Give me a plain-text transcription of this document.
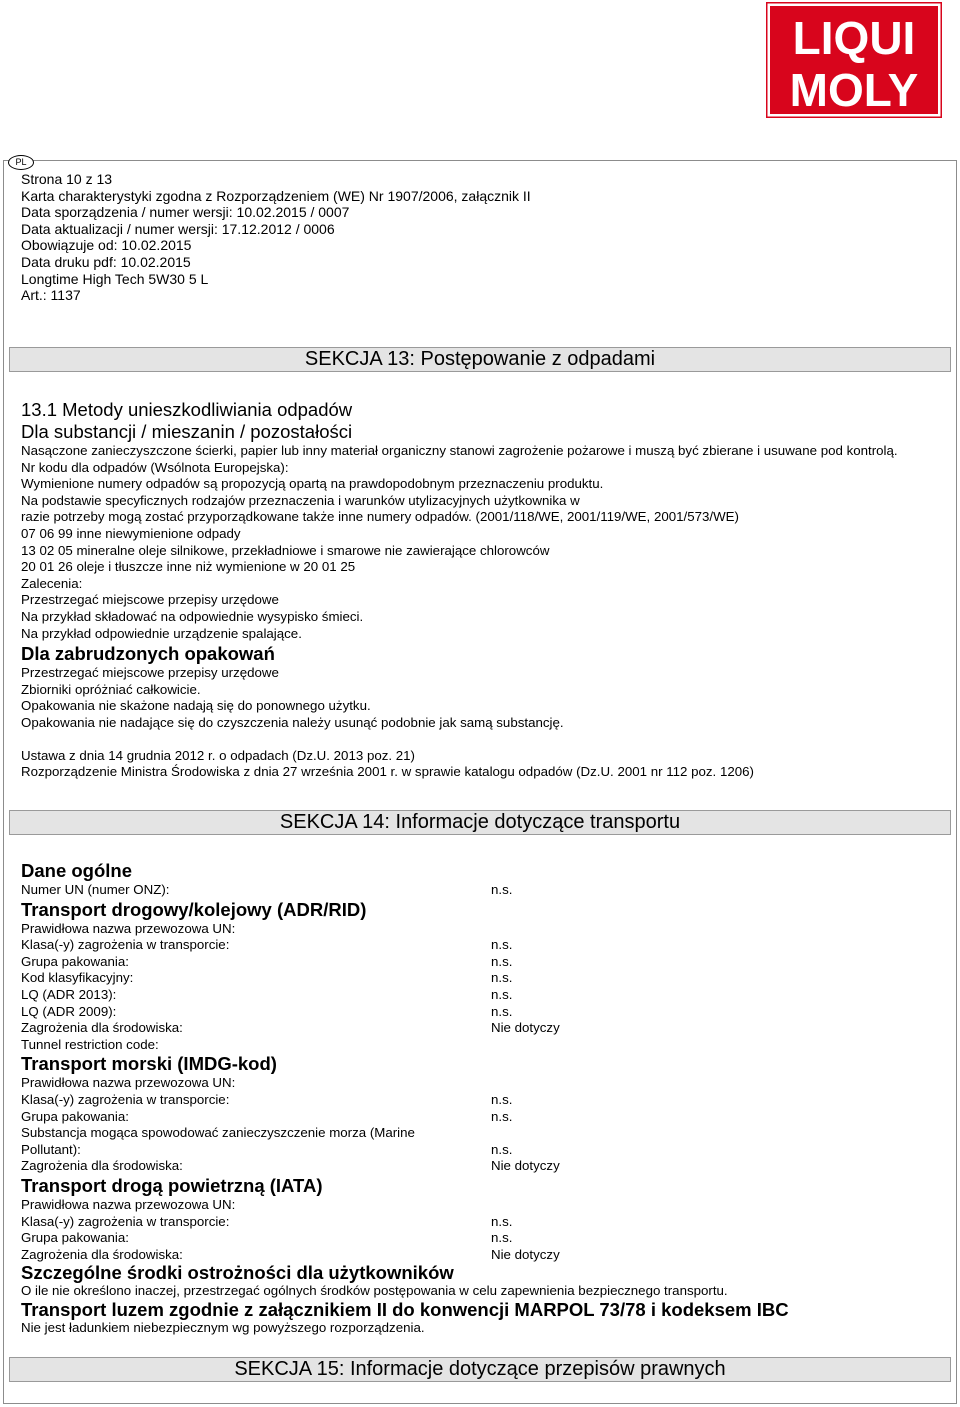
LIQUI
MOLY
PL
Strona 10 z 13
Karta charakterystyki zgodna z Rozporządzeniem (WE) Nr 1907/2006, załącznik II
Data sporządzenia / numer wersji: 10.02.2015 / 0007
Data aktualizacji / numer wersji: 17.12.2012 / 0006
Obowiązuje od: 10.02.2015
Data druku pdf: 10.02.2015
Longtime High Tech 5W30 5 L
Art.: 1137
SEKCJA 13: Postępowanie z odpadami
13.1 Metody unieszkodliwiania odpadów
Dla substancji / mieszanin / pozostałości
Nasączone zanieczyszczone ścierki, papier lub inny materiał organiczny stanowi zagrożenie pożarowe i muszą być zbierane i usuwane pod kontrolą.
Nr kodu dla odpadów (Wsólnota Europejska):
Wymienione numery odpadów są propozycją opartą na prawdopodobnym przeznaczeniu produktu.
Na podstawie specyficznych rodzajów przeznaczenia i warunków utylizacyjnych użytkownika w
razie potrzeby mogą zostać przyporządkowane także inne numery odpadów. (2001/118/WE, 2001/119/WE, 2001/573/WE)
07 06 99 inne niewymienione odpady
13 02 05 mineralne oleje silnikowe, przekładniowe i smarowe nie zawierające chlorowców
20 01 26 oleje i tłuszcze inne niż wymienione w 20 01 25
Zalecenia:
Przestrzegać miejscowe przepisy urzędowe
Na przykład składować na odpowiednie wysypisko śmieci.
Na przykład odpowiednie urządzenie spalające.
Dla zabrudzonych opakowań
Przestrzegać miejscowe przepisy urzędowe
Zbiorniki opróżniać całkowicie.
Opakowania nie skażone nadają się do ponownego użytku.
Opakowania nie nadające się do czyszczenia należy usunąć podobnie jak samą substancję.
Ustawa z dnia 14 grudnia 2012 r. o odpadach (Dz.U. 2013 poz. 21)
Rozporządzenie Ministra Środowiska z dnia 27 września 2001 r. w sprawie katalogu odpadów (Dz.U. 2001 nr 112 poz. 1206)
SEKCJA 14: Informacje dotyczące transportu
Dane ogólne
Numer UN (numer ONZ):	n.s.
Transport drogowy/kolejowy (ADR/RID)
Prawidłowa nazwa przewozowa UN:
Klasa(-y) zagrożenia w transporcie:	n.s.
Grupa pakowania:	n.s.
Kod klasyfikacyjny:	n.s.
LQ (ADR 2013):	n.s.
LQ (ADR 2009):	n.s.
Zagrożenia dla środowiska:	Nie dotyczy
Tunnel restriction code:
Transport morski (IMDG-kod)
Prawidłowa nazwa przewozowa UN:
Klasa(-y) zagrożenia w transporcie:	n.s.
Grupa pakowania:	n.s.
Substancja mogąca spowodować zanieczyszczenie morza (Marine
Pollutant):	n.s.
Zagrożenia dla środowiska:	Nie dotyczy
Transport drogą powietrzną (IATA)
Prawidłowa nazwa przewozowa UN:
Klasa(-y) zagrożenia w transporcie:	n.s.
Grupa pakowania:	n.s.
Zagrożenia dla środowiska:	Nie dotyczy
Szczególne środki ostrożności dla użytkowników
O ile nie określono inaczej, przestrzegać ogólnych środków postępowania w celu zapewnienia bezpiecznego transportu.
Transport luzem zgodnie z załącznikiem II do konwencji MARPOL 73/78 i kodeksem IBC
Nie jest ładunkiem niebezpiecznym wg powyższego rozporządzenia.
SEKCJA 15: Informacje dotyczące przepisów prawnych
